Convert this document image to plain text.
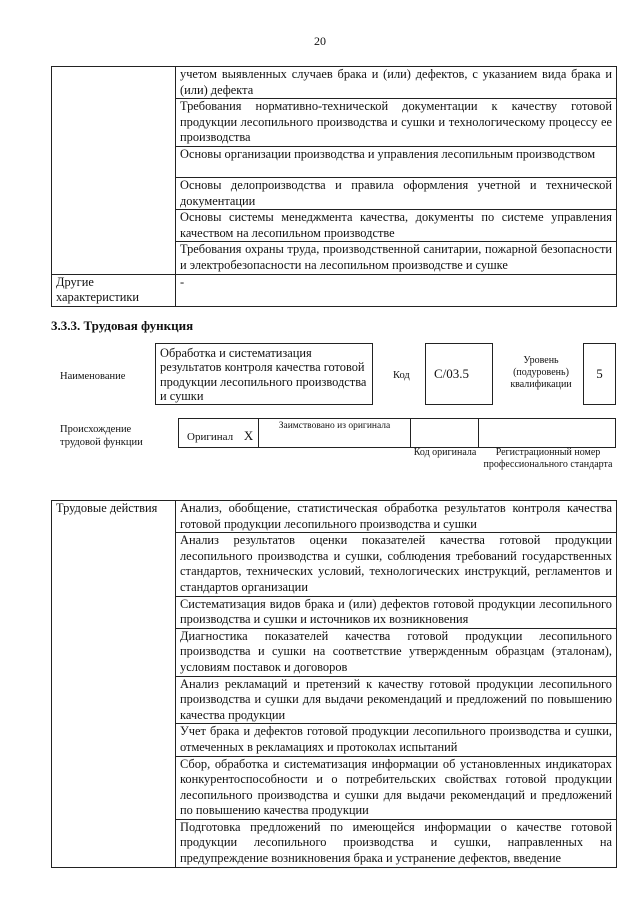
20
	учетом выявленных случаев брака и (или) дефектов, с указанием вида брака и (или) дефекта
	Требования нормативно-технической документации к качеству готовой продукции лесопильного производства и сушки и технологическому процессу ее производства
	Основы организации производства и управления лесопильным производством
	Основы делопроизводства и правила оформления учетной и технической документации
	Основы системы менеджмента качества, документы по системе управления качеством на лесопильном производстве
	Требования охраны труда, производственной санитарии, пожарной безопасности и электробезопасности на лесопильном производстве и сушке
Другие характеристики	-
3.3.3. Трудовая функция
Наименование
Обработка и систематизация результатов контроля качества готовой продукции лесопильного производства и сушки
Код	C/03.5
Уровень (подуровень) квалификации
5
Происхождение трудовой функции	Оригинал X
Заимствовано из оригинала
Код оригинала	Регистрационный номер профессионального стандарта
Трудовые действия	Анализ, обобщение, статистическая обработка результатов контроля качества готовой продукции лесопильного производства и сушки
Анализ результатов оценки показателей качества готовой продукции лесопильного производства и сушки, соблюдения требований государственных стандартов, технических условий, технологических инструкций, регламентов и стандартов организации
Систематизация видов брака и (или) дефектов готовой продукции лесопильного производства и сушки и источников их возникновения
Диагностика показателей качества готовой продукции лесопильного производства и сушки на соответствие утвержденным образцам (эталонам), условиям поставок и договоров
Анализ рекламаций и претензий к качеству готовой продукции лесопильного производства и сушки для выдачи рекомендаций и предложений по повышению качества продукции
Учет брака и дефектов готовой продукции лесопильного производства и сушки, отмеченных в рекламациях и протоколах испытаний
Сбор, обработка и систематизация информации об установленных индикаторах конкурентоспособности и о потребительских свойствах готовой продукции лесопильного производства и сушки для выдачи рекомендаций и предложений по повышению качества продукции
Подготовка предложений по имеющейся информации о качестве готовой продукции лесопильного производства и сушки, направленных на предупреждение возникновения брака и устранение дефектов, введение
